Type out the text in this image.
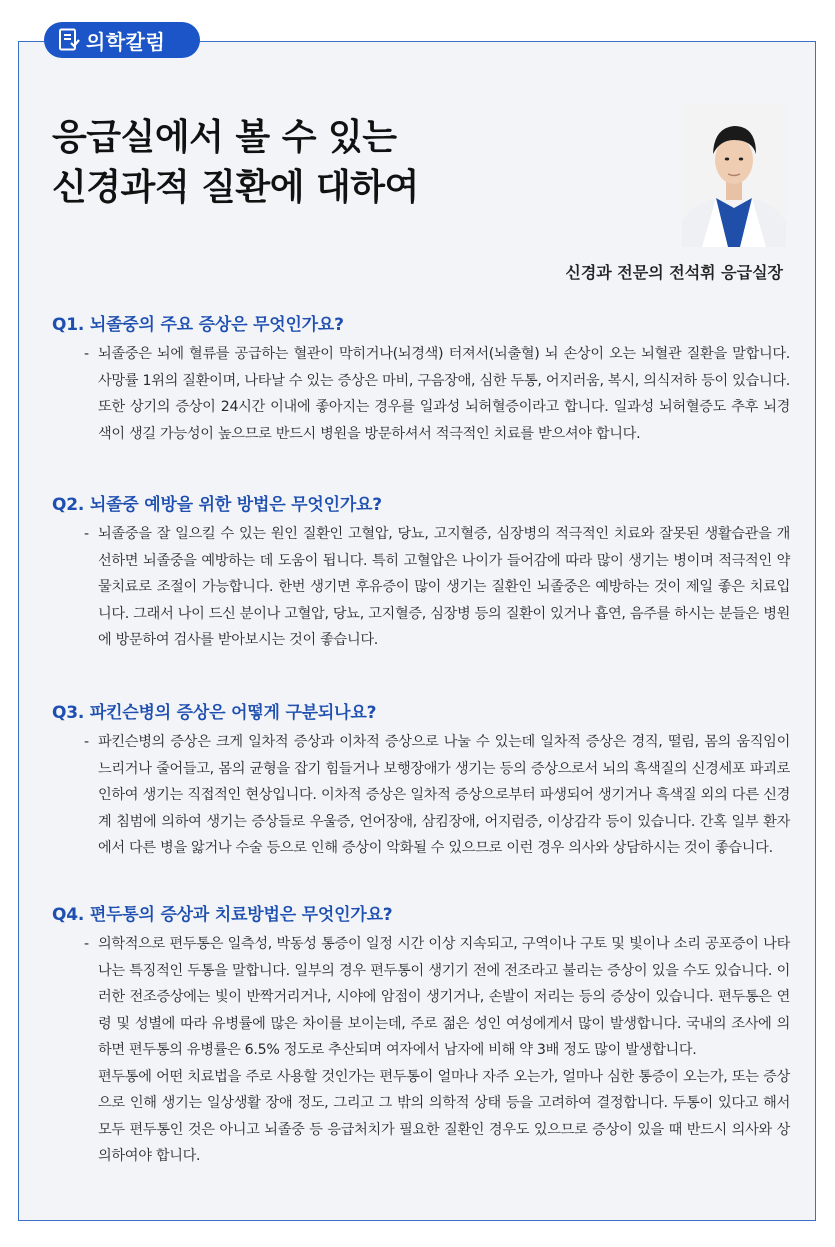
의학칼럼
응급실에서 볼 수 있는
신경과적 질환에 대하여
신경과 전문의 전석휘 응급실장
Q1. 뇌졸중의 주요 증상은 무엇인가요?
- 뇌졸중은 뇌에 혈류를 공급하는 혈관이 막히거나(뇌경색) 터져서(뇌출혈) 뇌 손상이 오는 뇌혈관 질환을 말합니다. 사망률 1위의 질환이며, 나타날 수 있는 증상은 마비, 구음장애, 심한 두통, 어지러움, 복시, 의식저하 등이 있습니다. 또한 상기의 증상이 24시간 이내에 좋아지는 경우를 일과성 뇌허혈증이라고 합니다. 일과성 뇌허혈증도 추후 뇌경색이 생길 가능성이 높으므로 반드시 병원을 방문하셔서 적극적인 치료를 받으셔야 합니다.

Q2. 뇌졸중 예방을 위한 방법은 무엇인가요?
- 뇌졸중을 잘 일으킬 수 있는 원인 질환인 고혈압, 당뇨, 고지혈증, 심장병의 적극적인 치료와 잘못된 생활습관을 개선하면 뇌졸중을 예방하는 데 도움이 됩니다. 특히 고혈압은 나이가 들어감에 따라 많이 생기는 병이며 적극적인 약물치료로 조절이 가능합니다. 한번 생기면 후유증이 많이 생기는 질환인 뇌졸중은 예방하는 것이 제일 좋은 치료입니다. 그래서 나이 드신 분이나 고혈압, 당뇨, 고지혈증, 심장병 등의 질환이 있거나 흡연, 음주를 하시는 분들은 병원에 방문하여 검사를 받아보시는 것이 좋습니다.

Q3. 파킨슨병의 증상은 어떻게 구분되나요?
- 파킨슨병의 증상은 크게 일차적 증상과 이차적 증상으로 나눌 수 있는데 일차적 증상은 경직, 떨림, 몸의 움직임이 느리거나 줄어들고, 몸의 균형을 잡기 힘들거나 보행장애가 생기는 등의 증상으로서 뇌의 흑색질의 신경세포 파괴로 인하여 생기는 직접적인 현상입니다. 이차적 증상은 일차적 증상으로부터 파생되어 생기거나 흑색질 외의 다른 신경계 침범에 의하여 생기는 증상들로 우울증, 언어장애, 삼킴장애, 어지럼증, 이상감각 등이 있습니다. 간혹 일부 환자에서 다른 병을 앓거나 수술 등으로 인해 증상이 악화될 수 있으므로 이런 경우 의사와 상담하시는 것이 좋습니다.

Q4. 편두통의 증상과 치료방법은 무엇인가요?
- 의학적으로 편두통은 일측성, 박동성 통증이 일정 시간 이상 지속되고, 구역이나 구토 및 빛이나 소리 공포증이 나타나는 특징적인 두통을 말합니다. 일부의 경우 편두통이 생기기 전에 전조라고 불리는 증상이 있을 수도 있습니다. 이러한 전조증상에는 빛이 반짝거리거나, 시야에 암점이 생기거나, 손발이 저리는 등의 증상이 있습니다. 편두통은 연령 및 성별에 따라 유병률에 많은 차이를 보이는데, 주로 젊은 성인 여성에게서 많이 발생합니다. 국내의 조사에 의하면 편두통의 유병률은 6.5% 정도로 추산되며 여자에서 남자에 비해 약 3배 정도 많이 발생합니다.

편두통에 어떤 치료법을 주로 사용할 것인가는 편두통이 얼마나 자주 오는가, 얼마나 심한 통증이 오는가, 또는 증상으로 인해 생기는 일상생활 장애 정도, 그리고 그 밖의 의학적 상태 등을 고려하여 결정합니다. 두통이 있다고 해서 모두 편두통인 것은 아니고 뇌졸중 등 응급처치가 필요한 질환인 경우도 있으므로 증상이 있을 때 반드시 의사와 상의하여야 합니다.
